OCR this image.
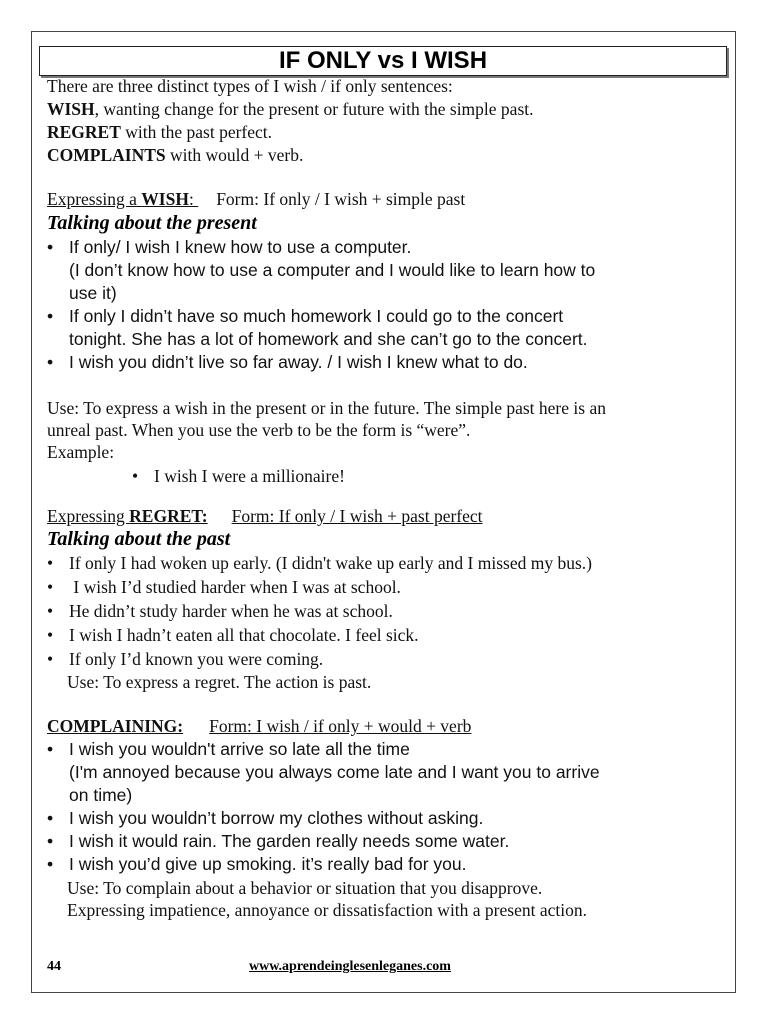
IF ONLY vs I WISH
There are three distinct types of I wish / if only sentences:
WISH, wanting change for the present or future with the simple past.
REGRET with the past perfect.
COMPLAINTS with would + verb.
Expressing a WISH: Form: If only / I wish + simple past
Talking about the present
• If only/ I wish I knew how to use a computer.
(I don’t know how to use a computer and I would like to learn how to
use it)
• If only I didn’t have so much homework I could go to the concert
tonight. She has a lot of homework and she can’t go to the concert.
• I wish you didn’t live so far away. / I wish I knew what to do.
Use: To express a wish in the present or in the future. The simple past here is an
unreal past. When you use the verb to be the form is “were”.
Example:
• I wish I were a millionaire!
Expressing REGRET: Form: If only / I wish + past perfect
Talking about the past
• If only I had woken up early. (I didn't wake up early and I missed my bus.)
• I wish I’d studied harder when I was at school.
• He didn’t study harder when he was at school.
• I wish I hadn’t eaten all that chocolate. I feel sick.
• If only I’d known you were coming.
Use: To express a regret. The action is past.
COMPLAINING: Form: I wish / if only + would + verb
• I wish you wouldn't arrive so late all the time
(I'm annoyed because you always come late and I want you to arrive
on time)
• I wish you wouldn’t borrow my clothes without asking.
• I wish it would rain. The garden really needs some water.
• I wish you’d give up smoking. it’s really bad for you.
Use: To complain about a behavior or situation that you disapprove.
Expressing impatience, annoyance or dissatisfaction with a present action.
44	www.aprendeinglesenleganes.com
